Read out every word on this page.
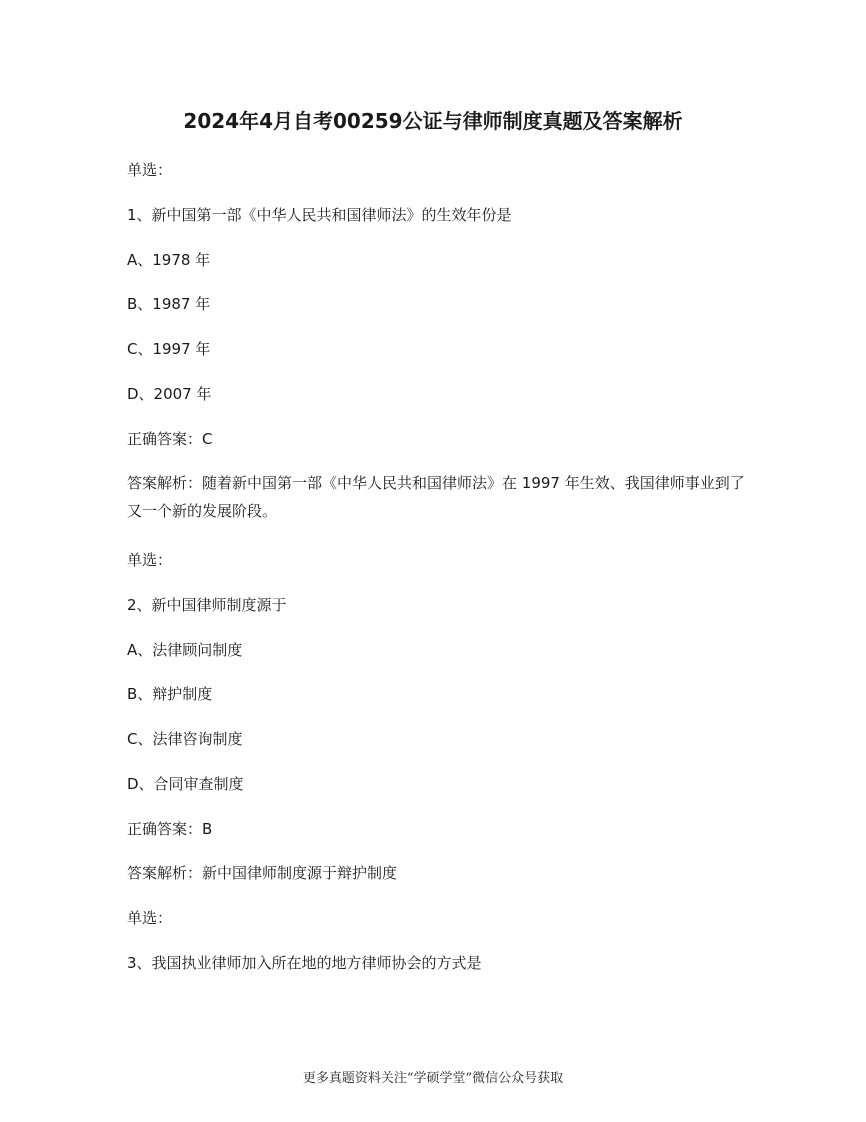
2024年4月自考00259公证与律师制度真题及答案解析
单选：
1、新中国第一部《中华人民共和国律师法》的生效年份是
A、1978 年
B、1987 年
C、1997 年
D、2007 年
正确答案：C
答案解析：随着新中国第一部《中华人民共和国律师法》在 1997 年生效、我国律师事业到了又一个新的发展阶段。
单选：
2、新中国律师制度源于
A、法律顾问制度
B、辩护制度
C、法律咨询制度
D、合同审查制度
正确答案：B
答案解析：新中国律师制度源于辩护制度
单选：
3、我国执业律师加入所在地的地方律师协会的方式是
更多真题资料关注“学硕学堂”微信公众号获取
